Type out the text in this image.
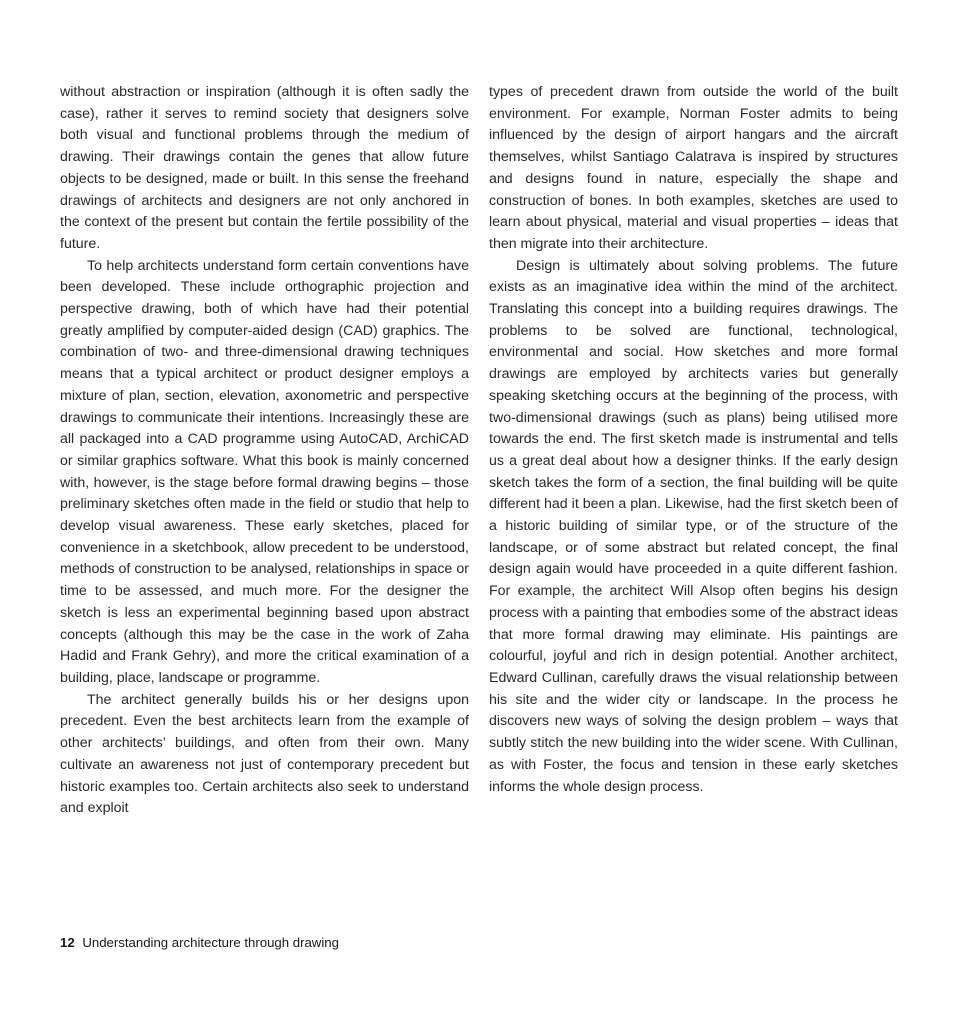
without abstraction or inspiration (although it is often sadly the case), rather it serves to remind society that designers solve both visual and functional problems through the medium of drawing. Their drawings contain the genes that allow future objects to be designed, made or built. In this sense the freehand drawings of architects and designers are not only anchored in the context of the present but contain the fertile possibility of the future.

To help architects understand form certain conventions have been developed. These include orthographic projection and perspective drawing, both of which have had their potential greatly amplified by computer-aided design (CAD) graphics. The combination of two- and three-dimensional drawing techniques means that a typical architect or product designer employs a mixture of plan, section, elevation, axonometric and perspective drawings to communicate their intentions. Increasingly these are all packaged into a CAD programme using AutoCAD, ArchiCAD or similar graphics software. What this book is mainly concerned with, however, is the stage before formal drawing begins – those preliminary sketches often made in the field or studio that help to develop visual awareness. These early sketches, placed for convenience in a sketchbook, allow precedent to be understood, methods of construction to be analysed, relationships in space or time to be assessed, and much more. For the designer the sketch is less an experimental beginning based upon abstract concepts (although this may be the case in the work of Zaha Hadid and Frank Gehry), and more the critical examination of a building, place, landscape or programme.

The architect generally builds his or her designs upon precedent. Even the best architects learn from the example of other architects’ buildings, and often from their own. Many cultivate an awareness not just of contemporary precedent but historic examples too. Certain architects also seek to understand and exploit

types of precedent drawn from outside the world of the built environment. For example, Norman Foster admits to being influenced by the design of airport hangars and the aircraft themselves, whilst Santiago Calatrava is inspired by structures and designs found in nature, especially the shape and construction of bones. In both examples, sketches are used to learn about physical, material and visual properties – ideas that then migrate into their architecture.

Design is ultimately about solving problems. The future exists as an imaginative idea within the mind of the architect. Translating this concept into a building requires drawings. The problems to be solved are functional, technological, environmental and social. How sketches and more formal drawings are employed by architects varies but generally speaking sketching occurs at the beginning of the process, with two-dimensional drawings (such as plans) being utilised more towards the end. The first sketch made is instrumental and tells us a great deal about how a designer thinks. If the early design sketch takes the form of a section, the final building will be quite different had it been a plan. Likewise, had the first sketch been of a historic building of similar type, or of the structure of the landscape, or of some abstract but related concept, the final design again would have proceeded in a quite different fashion. For example, the architect Will Alsop often begins his design process with a painting that embodies some of the abstract ideas that more formal drawing may eliminate. His paintings are colourful, joyful and rich in design potential. Another architect, Edward Cullinan, carefully draws the visual relationship between his site and the wider city or landscape. In the process he discovers new ways of solving the design problem – ways that subtly stitch the new building into the wider scene. With Cullinan, as with Foster, the focus and tension in these early sketches informs the whole design process.

12 Understanding architecture through drawing
